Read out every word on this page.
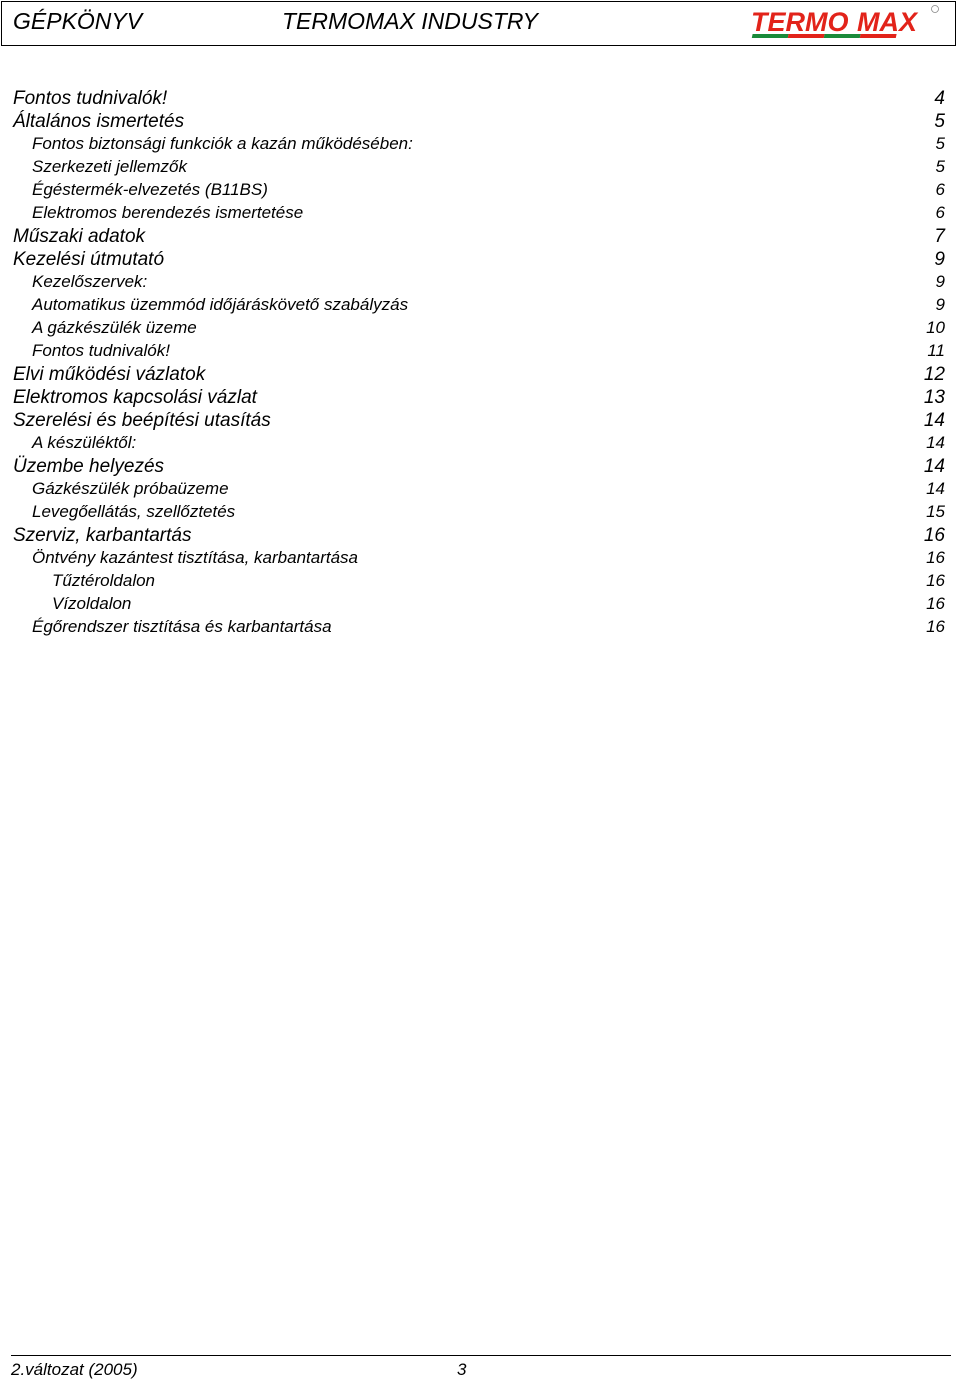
GÉPKÖNYV	TERMOMAX INDUSTRY	TERMO MAX
Fontos tudnivalók!	4
Általános ismertetés	5
Fontos biztonsági funkciók a kazán működésében:	5
Szerkezeti jellemzők	5
Égéstermék-elvezetés (B11BS)	6
Elektromos berendezés ismertetése	6
Műszaki adatok	7
Kezelési útmutató	9
Kezelőszervek:	9
Automatikus üzemmód időjáráskövető szabályzás	9
A gázkészülék üzeme	10
Fontos tudnivalók!	11
Elvi működési vázlatok	12
Elektromos kapcsolási vázlat	13
Szerelési és beépítési utasítás	14
A készüléktől:	14
Üzembe helyezés	14
Gázkészülék próbaüzeme	14
Levegőellátás, szellőztetés	15
Szerviz, karbantartás	16
Öntvény kazántest tisztítása, karbantartása	16
Tűztéroldalon	16
Vízoldalon	16
Égőrendszer tisztítása és karbantartása	16
2.változat (2005)	3
